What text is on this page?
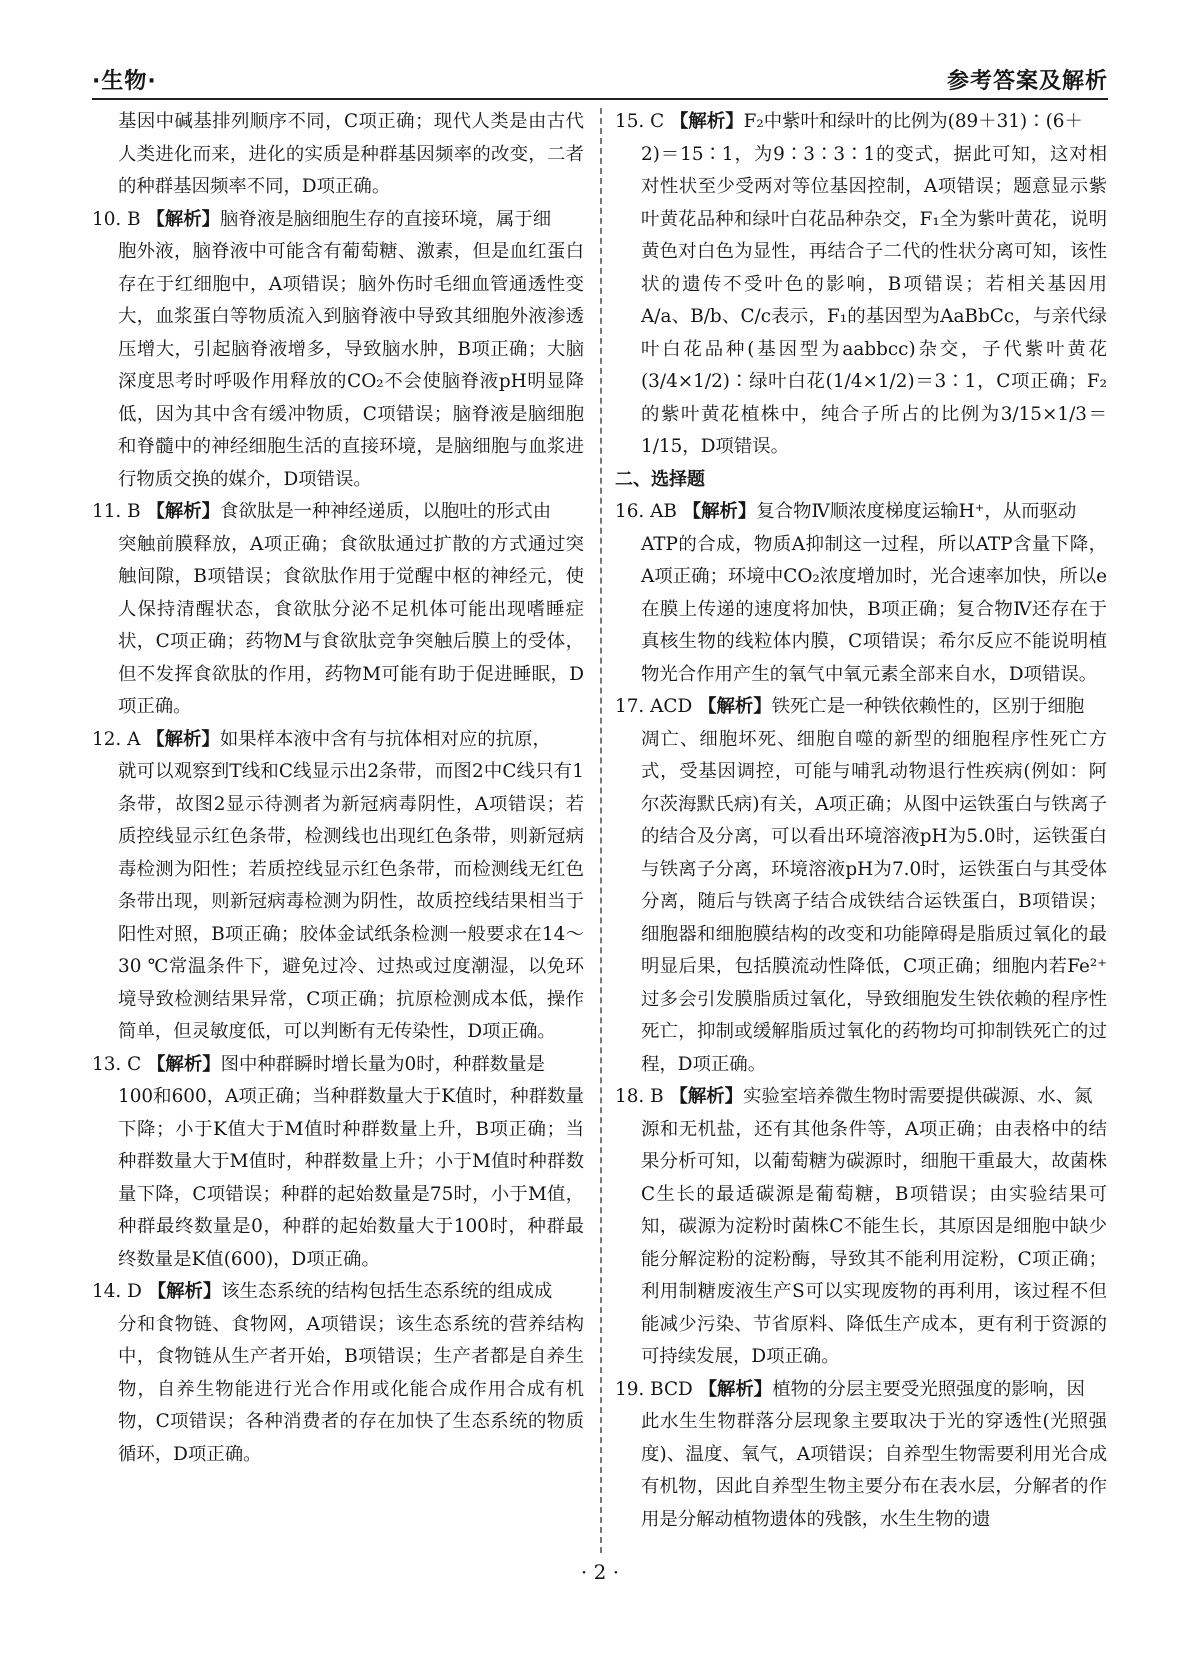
·生物·	参考答案及解析
基因中碱基排列顺序不同，C项正确；现代人类是由古代人类进化而来，进化的实质是种群基因频率的改变，二者的种群基因频率不同，D项正确。
10. B 【解析】脑脊液是脑细胞生存的直接环境，属于细
胞外液，脑脊液中可能含有葡萄糖、激素，但是血红蛋白存在于红细胞中，A项错误；脑外伤时毛细血管通透性变大，血浆蛋白等物质流入到脑脊液中导致其细胞外液渗透压增大，引起脑脊液增多，导致脑水肿，B项正确；大脑深度思考时呼吸作用释放的CO₂不会使脑脊液pH明显降低，因为其中含有缓冲物质，C项错误；脑脊液是脑细胞和脊髓中的神经细胞生活的直接环境，是脑细胞与血浆进行物质交换的媒介，D项错误。
11. B 【解析】食欲肽是一种神经递质，以胞吐的形式由
突触前膜释放，A项正确；食欲肽通过扩散的方式通过突触间隙，B项错误；食欲肽作用于觉醒中枢的神经元，使人保持清醒状态，食欲肽分泌不足机体可能出现嗜睡症状，C项正确；药物M与食欲肽竞争突触后膜上的受体，但不发挥食欲肽的作用，药物M可能有助于促进睡眠，D项正确。
12. A 【解析】如果样本液中含有与抗体相对应的抗原，
就可以观察到T线和C线显示出2条带，而图2中C线只有1条带，故图2显示待测者为新冠病毒阴性，A项错误；若质控线显示红色条带，检测线也出现红色条带，则新冠病毒检测为阳性；若质控线显示红色条带，而检测线无红色条带出现，则新冠病毒检测为阴性，故质控线结果相当于阳性对照，B项正确；胶体金试纸条检测一般要求在14～30 ℃常温条件下，避免过冷、过热或过度潮湿，以免环境导致检测结果异常，C项正确；抗原检测成本低，操作简单，但灵敏度低，可以判断有无传染性，D项正确。
13. C 【解析】图中种群瞬时增长量为0时，种群数量是
100和600，A项正确；当种群数量大于K值时，种群数量下降；小于K值大于M值时种群数量上升，B项正确；当种群数量大于M值时，种群数量上升；小于M值时种群数量下降，C项错误；种群的起始数量是75时，小于M值，种群最终数量是0，种群的起始数量大于100时，种群最终数量是K值(600)，D项正确。
14. D 【解析】该生态系统的结构包括生态系统的组成成
分和食物链、食物网，A项错误；该生态系统的营养结构中，食物链从生产者开始，B项错误；生产者都是自养生物，自养生物能进行光合作用或化能合成作用合成有机物，C项错误；各种消费者的存在加快了生态系统的物质循环，D项正确。
15. C 【解析】F₂中紫叶和绿叶的比例为(89＋31)∶(6＋
2)＝15∶1，为9∶3∶3∶1的变式，据此可知，这对相对性状至少受两对等位基因控制，A项错误；题意显示紫叶黄花品种和绿叶白花品种杂交，F₁全为紫叶黄花，说明黄色对白色为显性，再结合子二代的性状分离可知，该性状的遗传不受叶色的影响，B项错误；若相关基因用A/a、B/b、C/c表示，F₁的基因型为AaBbCc，与亲代绿叶白花品种(基因型为aabbcc)杂交，子代紫叶黄花(3/4×1/2)∶绿叶白花(1/4×1/2)＝3∶1，C项正确；F₂的紫叶黄花植株中，纯合子所占的比例为3/15×1/3＝1/15，D项错误。
二、选择题
16. AB 【解析】复合物Ⅳ顺浓度梯度运输H⁺，从而驱动
ATP的合成，物质A抑制这一过程，所以ATP含量下降，A项正确；环境中CO₂浓度增加时，光合速率加快，所以e在膜上传递的速度将加快，B项正确；复合物Ⅳ还存在于真核生物的线粒体内膜，C项错误；希尔反应不能说明植物光合作用产生的氧气中氧元素全部来自水，D项错误。
17. ACD 【解析】铁死亡是一种铁依赖性的，区别于细胞
凋亡、细胞坏死、细胞自噬的新型的细胞程序性死亡方式，受基因调控，可能与哺乳动物退行性疾病(例如：阿尔茨海默氏病)有关，A项正确；从图中运铁蛋白与铁离子的结合及分离，可以看出环境溶液pH为5.0时，运铁蛋白与铁离子分离，环境溶液pH为7.0时，运铁蛋白与其受体分离，随后与铁离子结合成铁结合运铁蛋白，B项错误；细胞器和细胞膜结构的改变和功能障碍是脂质过氧化的最明显后果，包括膜流动性降低，C项正确；细胞内若Fe²⁺过多会引发膜脂质过氧化，导致细胞发生铁依赖的程序性死亡，抑制或缓解脂质过氧化的药物均可抑制铁死亡的过程，D项正确。
18. B 【解析】实验室培养微生物时需要提供碳源、水、氮
源和无机盐，还有其他条件等，A项正确；由表格中的结果分析可知，以葡萄糖为碳源时，细胞干重最大，故菌株C生长的最适碳源是葡萄糖，B项错误；由实验结果可知，碳源为淀粉时菌株C不能生长，其原因是细胞中缺少能分解淀粉的淀粉酶，导致其不能利用淀粉，C项正确；利用制糖废液生产S可以实现废物的再利用，该过程不但能减少污染、节省原料、降低生产成本，更有利于资源的可持续发展，D项正确。
19. BCD 【解析】植物的分层主要受光照强度的影响，因
此水生生物群落分层现象主要取决于光的穿透性(光照强度)、温度、氧气，A项错误；自养型生物需要利用光合成有机物，因此自养型生物主要分布在表水层，分解者的作用是分解动植物遗体的残骸，水生生物的遗
· 2 ·
